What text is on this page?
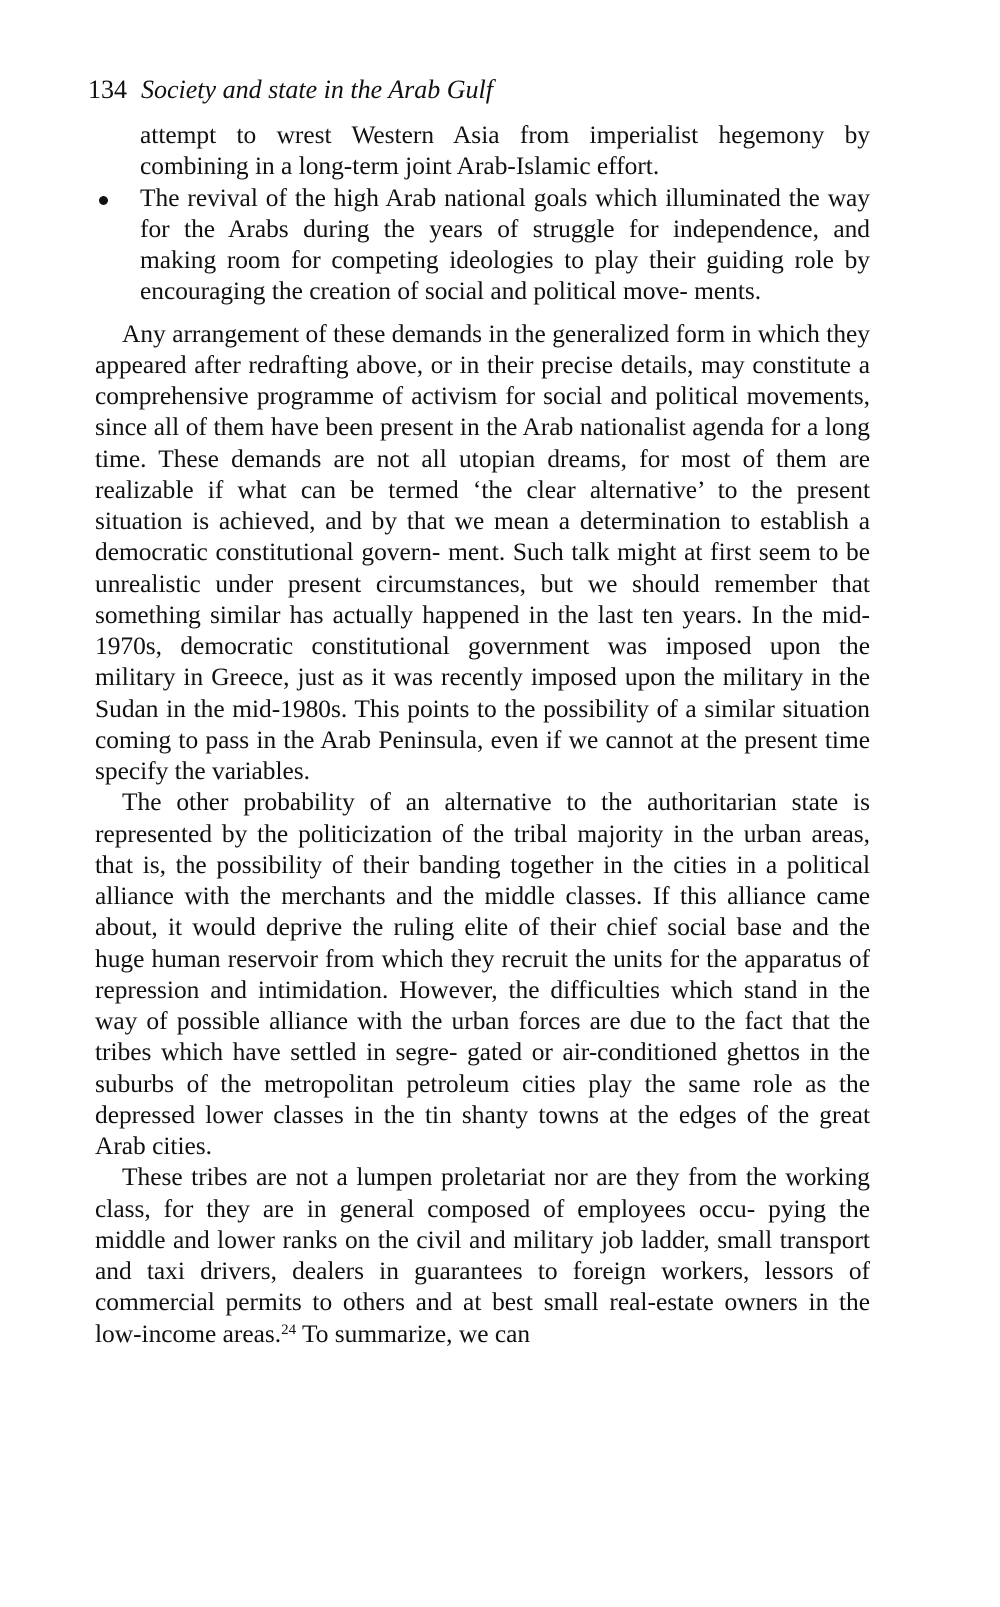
134 Society and state in the Arab Gulf
attempt to wrest Western Asia from imperialist hegemony by combining in a long-term joint Arab-Islamic effort.
The revival of the high Arab national goals which illuminated the way for the Arabs during the years of struggle for independence, and making room for competing ideologies to play their guiding role by encouraging the creation of social and political move- ments.

Any arrangement of these demands in the generalized form in which they appeared after redrafting above, or in their precise details, may constitute a comprehensive programme of activism for social and political movements, since all of them have been present in the Arab nationalist agenda for a long time. These demands are not all utopian dreams, for most of them are realizable if what can be termed ‘the clear alternative’ to the present situation is achieved, and by that we mean a determination to establish a democratic constitutional govern- ment. Such talk might at first seem to be unrealistic under present circumstances, but we should remember that something similar has actually happened in the last ten years. In the mid-1970s, democratic constitutional government was imposed upon the military in Greece, just as it was recently imposed upon the military in the Sudan in the mid-1980s. This points to the possibility of a similar situation coming to pass in the Arab Peninsula, even if we cannot at the present time specify the variables.

The other probability of an alternative to the authoritarian state is represented by the politicization of the tribal majority in the urban areas, that is, the possibility of their banding together in the cities in a political alliance with the merchants and the middle classes. If this alliance came about, it would deprive the ruling elite of their chief social base and the huge human reservoir from which they recruit the units for the apparatus of repression and intimidation. However, the difficulties which stand in the way of possible alliance with the urban forces are due to the fact that the tribes which have settled in segre- gated or air-conditioned ghettos in the suburbs of the metropolitan petroleum cities play the same role as the depressed lower classes in the tin shanty towns at the edges of the great Arab cities.

These tribes are not a lumpen proletariat nor are they from the working class, for they are in general composed of employees occu- pying the middle and lower ranks on the civil and military job ladder, small transport and taxi drivers, dealers in guarantees to foreign workers, lessors of commercial permits to others and at best small real-estate owners in the low-income areas.$^{24}$ To summarize, we can
